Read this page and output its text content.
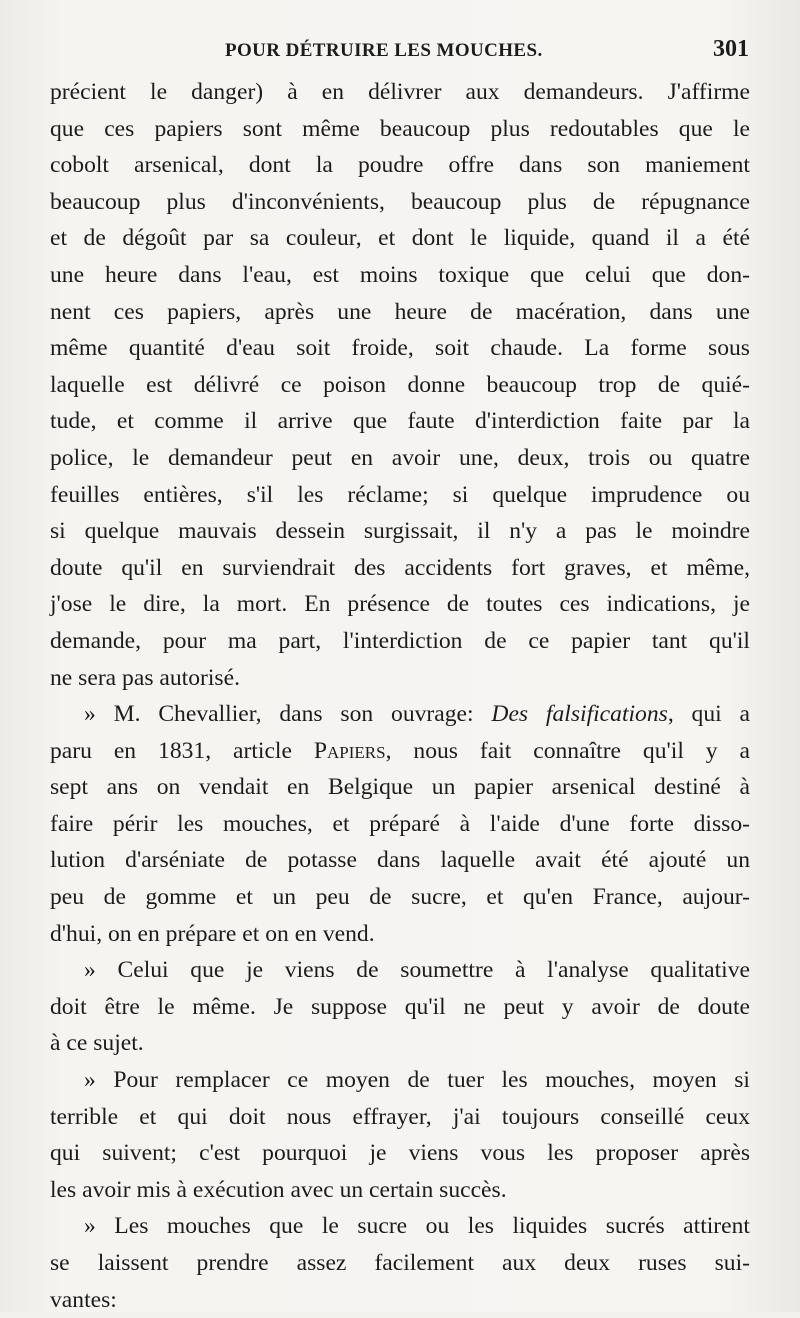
POUR DÉTRUIRE LES MOUCHES.	301
précient le danger) à en délivrer aux demandeurs. J'affirme
que ces papiers sont même beaucoup plus redoutables que le
cobolt arsenical, dont la poudre offre dans son maniement
beaucoup plus d'inconvénients, beaucoup plus de répugnance
et de dégoût par sa couleur, et dont le liquide, quand il a été
une heure dans l'eau, est moins toxique que celui que don-
nent ces papiers, après une heure de macération, dans une
même quantité d'eau soit froide, soit chaude. La forme sous
laquelle est délivré ce poison donne beaucoup trop de quié-
tude, et comme il arrive que faute d'interdiction faite par la
police, le demandeur peut en avoir une, deux, trois ou quatre
feuilles entières, s'il les réclame; si quelque imprudence ou
si quelque mauvais dessein surgissait, il n'y a pas le moindre
doute qu'il en surviendrait des accidents fort graves, et même,
j'ose le dire, la mort. En présence de toutes ces indications, je
demande, pour ma part, l'interdiction de ce papier tant qu'il
ne sera pas autorisé.
» M. Chevallier, dans son ouvrage: Des falsifications, qui a
paru en 1831, article Papiers, nous fait connaître qu'il y a
sept ans on vendait en Belgique un papier arsenical destiné à
faire périr les mouches, et préparé à l'aide d'une forte disso-
lution d'arséniate de potasse dans laquelle avait été ajouté un
peu de gomme et un peu de sucre, et qu'en France, aujour-
d'hui, on en prépare et on en vend.
» Celui que je viens de soumettre à l'analyse qualitative
doit être le même. Je suppose qu'il ne peut y avoir de doute
à ce sujet.
» Pour remplacer ce moyen de tuer les mouches, moyen si
terrible et qui doit nous effrayer, j'ai toujours conseillé ceux
qui suivent; c'est pourquoi je viens vous les proposer après
les avoir mis à exécution avec un certain succès.
» Les mouches que le sucre ou les liquides sucrés attirent
se laissent prendre assez facilement aux deux ruses sui-
vantes:
